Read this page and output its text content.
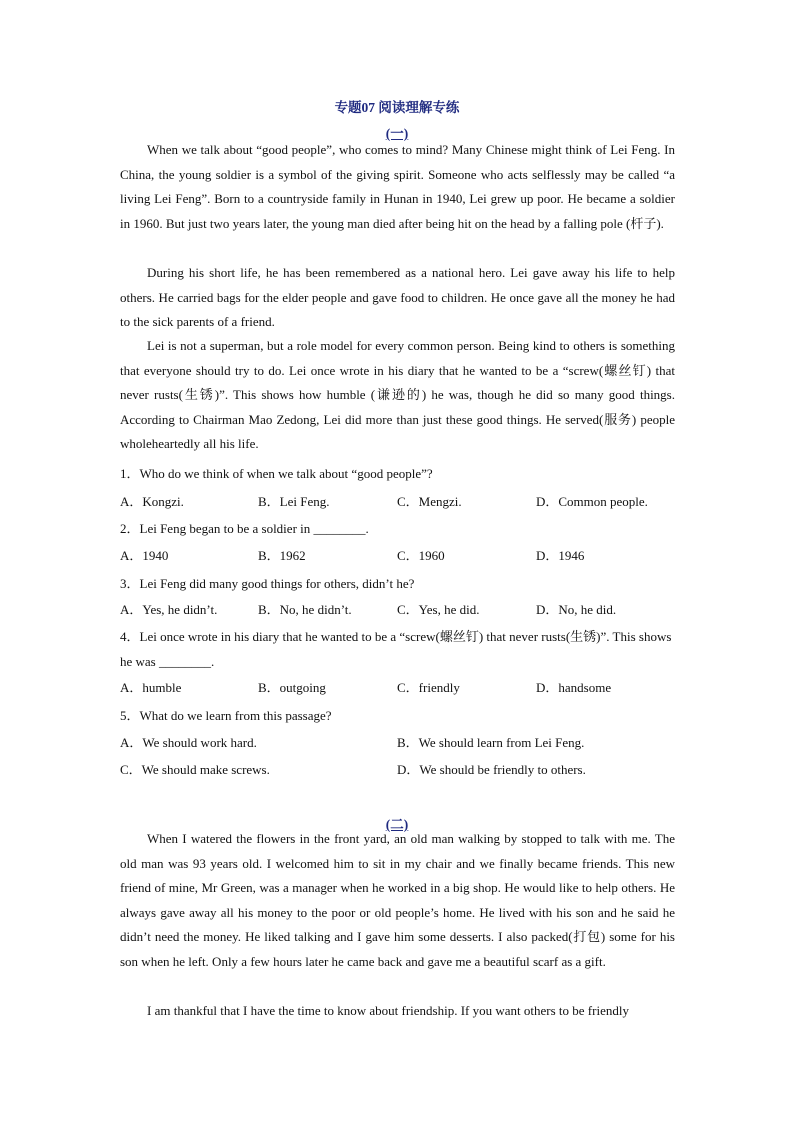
专题07 阅读理解专练
(一)

When we talk about “good people”, who comes to mind? Many Chinese might think of Lei Feng. In China, the young soldier is a symbol of the giving spirit. Someone who acts selflessly may be called “a living Lei Feng”. Born to a countryside family in Hunan in 1940, Lei grew up poor. He became a soldier in 1960. But just two years later, the young man died after being hit on the head by a falling pole (杆子).

During his short life, he has been remembered as a national hero. Lei gave away his life to help others. He carried bags for the elder people and gave food to children. He once gave all the money he had to the sick parents of a friend.

Lei is not a superman, but a role model for every common person. Being kind to others is something that everyone should try to do. Lei once wrote in his diary that he wanted to be a “screw(螺丝钉) that never rusts(生锈)”. This shows how humble (谦逊的) he was, though he did so many good things. According to Chairman Mao Zedong, Lei did more than just these good things. He served(服务) people wholeheartedly all his life.

1．Who do we think of when we talk about “good people”?

A．Kongzi.	B．Lei Feng.	C．Mengzi.	D．Common people.

2．Lei Feng began to be a soldier in ________.

A．1940	B．1962	C．1960	D．1946

3．Lei Feng did many good things for others, didn’t he?

A．Yes, he didn’t.	B．No, he didn’t.	C．Yes, he did.	D．No, he did.

4．Lei once wrote in his diary that he wanted to be a “screw(螺丝钉) that never rusts(生锈)”. This shows he was ________.

A．humble	B．outgoing	C．friendly	D．handsome

5．What do we learn from this passage?

A．We should work hard.	B．We should learn from Lei Feng.
C．We should make screws.	D．We should be friendly to others.
(二)

When I watered the flowers in the front yard, an old man walking by stopped to talk with me. The old man was 93 years old. I welcomed him to sit in my chair and we finally became friends. This new friend of mine, Mr Green, was a manager when he worked in a big shop. He would like to help others. He always gave away all his money to the poor or old people’s home. He lived with his son and he said he didn’t need the money. He liked talking and I gave him some desserts. I also packed(打包) some for his son when he left. Only a few hours later he came back and gave me a beautiful scarf as a gift.

I am thankful that I have the time to know about friendship. If you want others to be friendly
